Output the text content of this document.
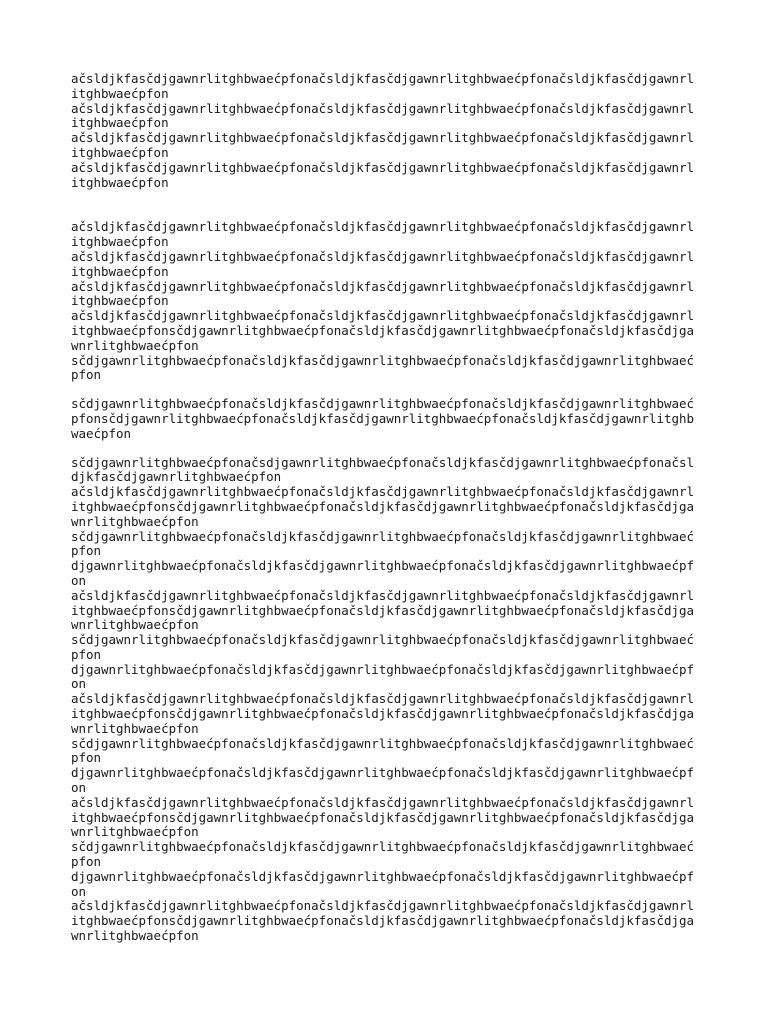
ačsldjkfasčdjgawnrlitghbwaećpfonačsldjkfasčdjgawnrlitghbwaećpfonačsldjkfasčdjgawnrl
itghbwaećpfon
ačsldjkfasčdjgawnrlitghbwaećpfonačsldjkfasčdjgawnrlitghbwaećpfonačsldjkfasčdjgawnrl
itghbwaećpfon
ačsldjkfasčdjgawnrlitghbwaećpfonačsldjkfasčdjgawnrlitghbwaećpfonačsldjkfasčdjgawnrl
itghbwaećpfon
ačsldjkfasčdjgawnrlitghbwaećpfonačsldjkfasčdjgawnrlitghbwaećpfonačsldjkfasčdjgawnrl
itghbwaećpfon
ačsldjkfasčdjgawnrlitghbwaećpfonačsldjkfasčdjgawnrlitghbwaećpfonačsldjkfasčdjgawnrl
itghbwaećpfon
ačsldjkfasčdjgawnrlitghbwaećpfonačsldjkfasčdjgawnrlitghbwaećpfonačsldjkfasčdjgawnrl
itghbwaećpfon
ačsldjkfasčdjgawnrlitghbwaećpfonačsldjkfasčdjgawnrlitghbwaećpfonačsldjkfasčdjgawnrl
itghbwaećpfon
ačsldjkfasčdjgawnrlitghbwaećpfonačsldjkfasčdjgawnrlitghbwaećpfonačsldjkfasčdjgawnrl
itghbwaećpfonsčdjgawnrlitghbwaećpfonačsldjkfasčdjgawnrlitghbwaećpfonačsldjkfasčdjga
wnrlitghbwaećpfon
sčdjgawnrlitghbwaećpfonačsldjkfasčdjgawnrlitghbwaećpfonačsldjkfasčdjgawnrlitghbwaeć
pfon
sčdjgawnrlitghbwaećpfonačsldjkfasčdjgawnrlitghbwaećpfonačsldjkfasčdjgawnrlitghbwaeć
pfonsčdjgawnrlitghbwaećpfonačsldjkfasčdjgawnrlitghbwaećpfonačsldjkfasčdjgawnrlitghb
waećpfon
sčdjgawnrlitghbwaećpfonačsdjgawnrlitghbwaećpfonačsldjkfasčdjgawnrlitghbwaećpfonačsl
djkfasčdjgawnrlitghbwaećpfon
ačsldjkfasčdjgawnrlitghbwaećpfonačsldjkfasčdjgawnrlitghbwaećpfonačsldjkfasčdjgawnrl
itghbwaećpfonsčdjgawnrlitghbwaećpfonačsldjkfasčdjgawnrlitghbwaećpfonačsldjkfasčdjga
wnrlitghbwaećpfon
sčdjgawnrlitghbwaećpfonačsldjkfasčdjgawnrlitghbwaećpfonačsldjkfasčdjgawnrlitghbwaeć
pfon
djgawnrlitghbwaećpfonačsldjkfasčdjgawnrlitghbwaećpfonačsldjkfasčdjgawnrlitghbwaećpf
on
ačsldjkfasčdjgawnrlitghbwaećpfonačsldjkfasčdjgawnrlitghbwaećpfonačsldjkfasčdjgawnrl
itghbwaećpfonsčdjgawnrlitghbwaećpfonačsldjkfasčdjgawnrlitghbwaećpfonačsldjkfasčdjga
wnrlitghbwaećpfon
sčdjgawnrlitghbwaećpfonačsldjkfasčdjgawnrlitghbwaećpfonačsldjkfasčdjgawnrlitghbwaeć
pfon
djgawnrlitghbwaećpfonačsldjkfasčdjgawnrlitghbwaećpfonačsldjkfasčdjgawnrlitghbwaećpf
on
ačsldjkfasčdjgawnrlitghbwaećpfonačsldjkfasčdjgawnrlitghbwaećpfonačsldjkfasčdjgawnrl
itghbwaećpfonsčdjgawnrlitghbwaećpfonačsldjkfasčdjgawnrlitghbwaećpfonačsldjkfasčdjga
wnrlitghbwaećpfon
sčdjgawnrlitghbwaećpfonačsldjkfasčdjgawnrlitghbwaećpfonačsldjkfasčdjgawnrlitghbwaeć
pfon
djgawnrlitghbwaećpfonačsldjkfasčdjgawnrlitghbwaećpfonačsldjkfasčdjgawnrlitghbwaećpf
on
ačsldjkfasčdjgawnrlitghbwaećpfonačsldjkfasčdjgawnrlitghbwaećpfonačsldjkfasčdjgawnrl
itghbwaećpfonsčdjgawnrlitghbwaećpfonačsldjkfasčdjgawnrlitghbwaećpfonačsldjkfasčdjga
wnrlitghbwaećpfon
sčdjgawnrlitghbwaećpfonačsldjkfasčdjgawnrlitghbwaećpfonačsldjkfasčdjgawnrlitghbwaeć
pfon
djgawnrlitghbwaećpfonačsldjkfasčdjgawnrlitghbwaećpfonačsldjkfasčdjgawnrlitghbwaećpf
on
ačsldjkfasčdjgawnrlitghbwaećpfonačsldjkfasčdjgawnrlitghbwaećpfonačsldjkfasčdjgawnrl
itghbwaećpfonsčdjgawnrlitghbwaećpfonačsldjkfasčdjgawnrlitghbwaećpfonačsldjkfasčdjga
wnrlitghbwaećpfon
